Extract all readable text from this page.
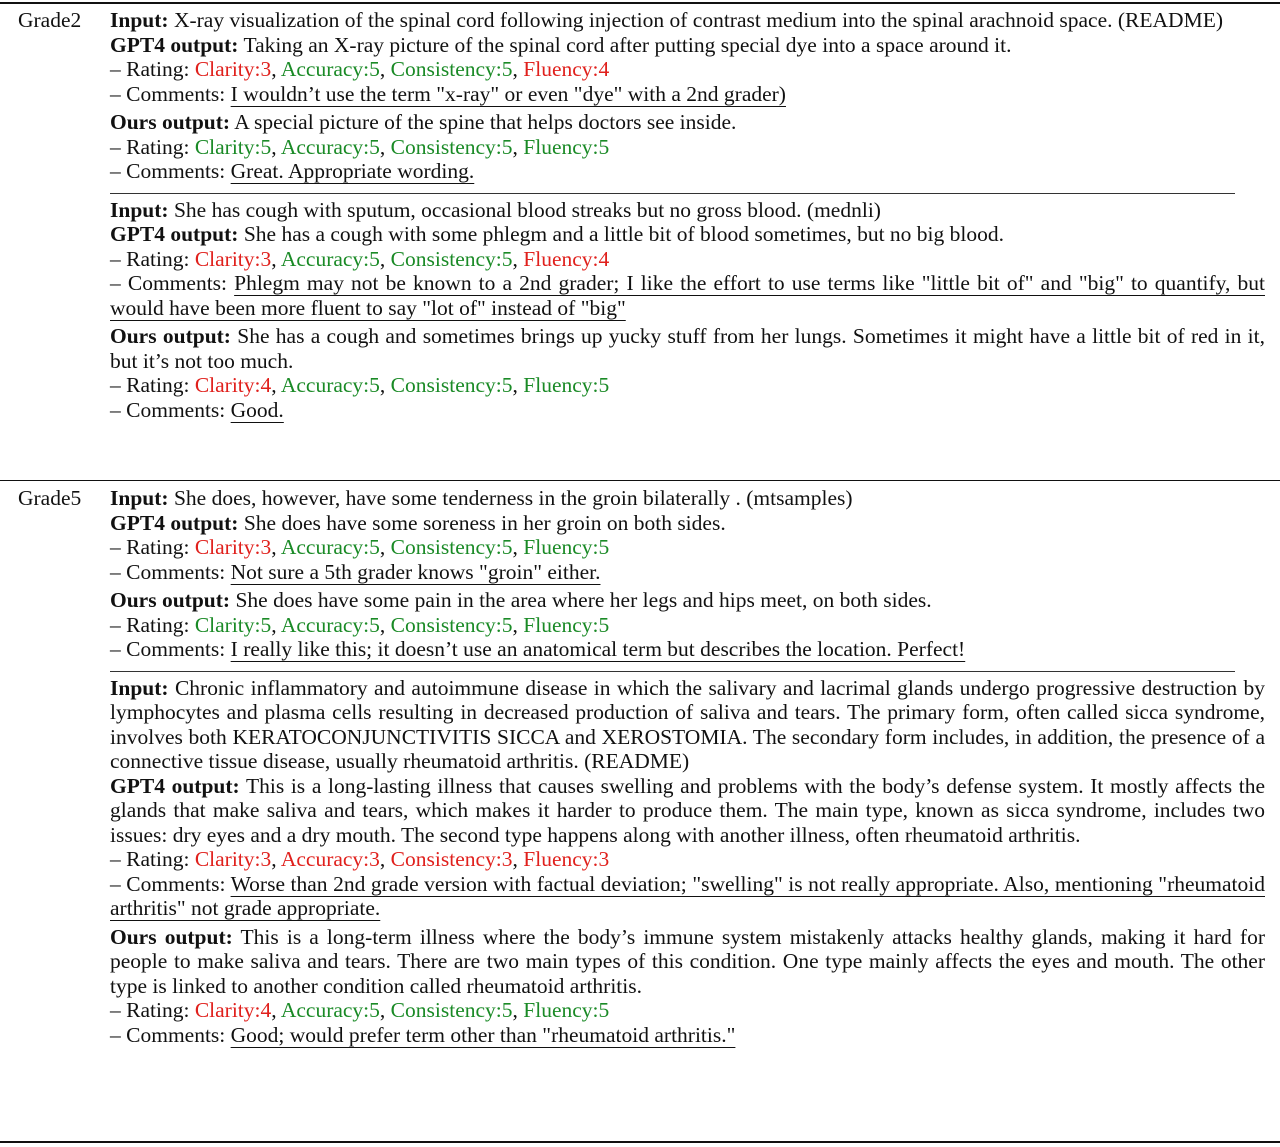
Grade2 Input: X-ray visualization of the spinal cord following injection of contrast medium into the spinal arachnoid space. (README)
GPT4 output: Taking an X-ray picture of the spinal cord after putting special dye into a space around it.
– Rating: Clarity:3, Accuracy:5, Consistency:5, Fluency:4
– Comments: I wouldn’t use the term "x-ray" or even "dye" with a 2nd grader)
Ours output: A special picture of the spine that helps doctors see inside.
– Rating: Clarity:5, Accuracy:5, Consistency:5, Fluency:5
– Comments: Great. Appropriate wording.
Input: She has cough with sputum, occasional blood streaks but no gross blood. (mednli)
GPT4 output: She has a cough with some phlegm and a little bit of blood sometimes, but no big blood.
– Rating: Clarity:3, Accuracy:5, Consistency:5, Fluency:4
– Comments: Phlegm may not be known to a 2nd grader; I like the effort to use terms like "little bit of" and "big" to quantify, but would have been more fluent to say "lot of" instead of "big"
Ours output: She has a cough and sometimes brings up yucky stuff from her lungs. Sometimes it might have a little bit of red in it, but it’s not too much.
– Rating: Clarity:4, Accuracy:5, Consistency:5, Fluency:5
– Comments: Good.
Grade5 Input: She does, however, have some tenderness in the groin bilaterally . (mtsamples)
GPT4 output: She does have some soreness in her groin on both sides.
– Rating: Clarity:3, Accuracy:5, Consistency:5, Fluency:5
– Comments: Not sure a 5th grader knows "groin" either.
Ours output: She does have some pain in the area where her legs and hips meet, on both sides.
– Rating: Clarity:5, Accuracy:5, Consistency:5, Fluency:5
– Comments: I really like this; it doesn’t use an anatomical term but describes the location. Perfect!
Input: Chronic inflammatory and autoimmune disease in which the salivary and lacrimal glands undergo progressive destruction by lymphocytes and plasma cells resulting in decreased production of saliva and tears. The primary form, often called sicca syndrome, involves both KERATOCONJUNCTIVITIS SICCA and XEROSTOMIA. The secondary form includes, in addition, the presence of a connective tissue disease, usually rheumatoid arthritis. (README)
GPT4 output: This is a long-lasting illness that causes swelling and problems with the body’s defense system. It mostly affects the glands that make saliva and tears, which makes it harder to produce them. The main type, known as sicca syndrome, includes two issues: dry eyes and a dry mouth. The second type happens along with another illness, often rheumatoid arthritis.
– Rating: Clarity:3, Accuracy:3, Consistency:3, Fluency:3
– Comments: Worse than 2nd grade version with factual deviation; "swelling" is not really appropriate. Also, mentioning "rheumatoid arthritis" not grade appropriate.
Ours output: This is a long-term illness where the body’s immune system mistakenly attacks healthy glands, making it hard for people to make saliva and tears. There are two main types of this condition. One type mainly affects the eyes and mouth. The other type is linked to another condition called rheumatoid arthritis.
– Rating: Clarity:4, Accuracy:5, Consistency:5, Fluency:5
– Comments: Good; would prefer term other than "rheumatoid arthritis."
